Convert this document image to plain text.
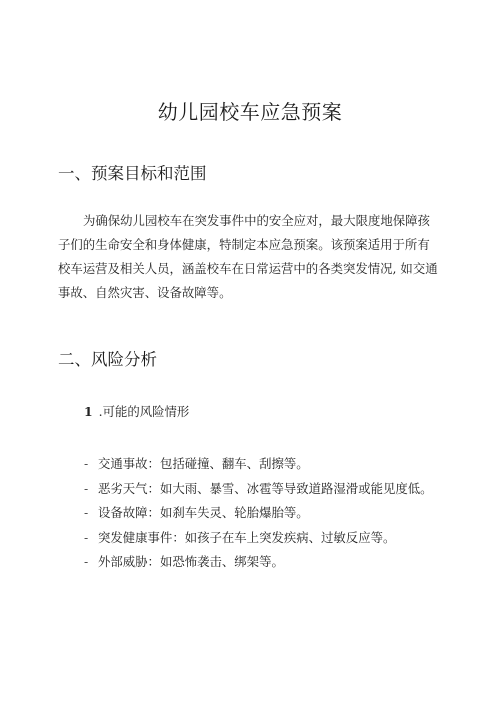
幼儿园校车应急预案
一、预案目标和范围
为确保幼儿园校车在突发事件中的安全应对，最大限度地保障孩
子们的生命安全和身体健康，特制定本应急预案。该预案适用于所有
校车运营及相关人员，涵盖校车在日常运营中的各类突发情况, 如交通
事故、自然灾害、设备故障等。
二、风险分析
1 .可能的风险情形
- 交通事故：包括碰撞、翻车、刮擦等。
- 恶劣天气：如大雨、暴雪、冰雹等导致道路湿滑或能见度低。
- 设备故障：如刹车失灵、轮胎爆胎等。
- 突发健康事件：如孩子在车上突发疾病、过敏反应等。
- 外部威胁：如恐怖袭击、绑架等。
